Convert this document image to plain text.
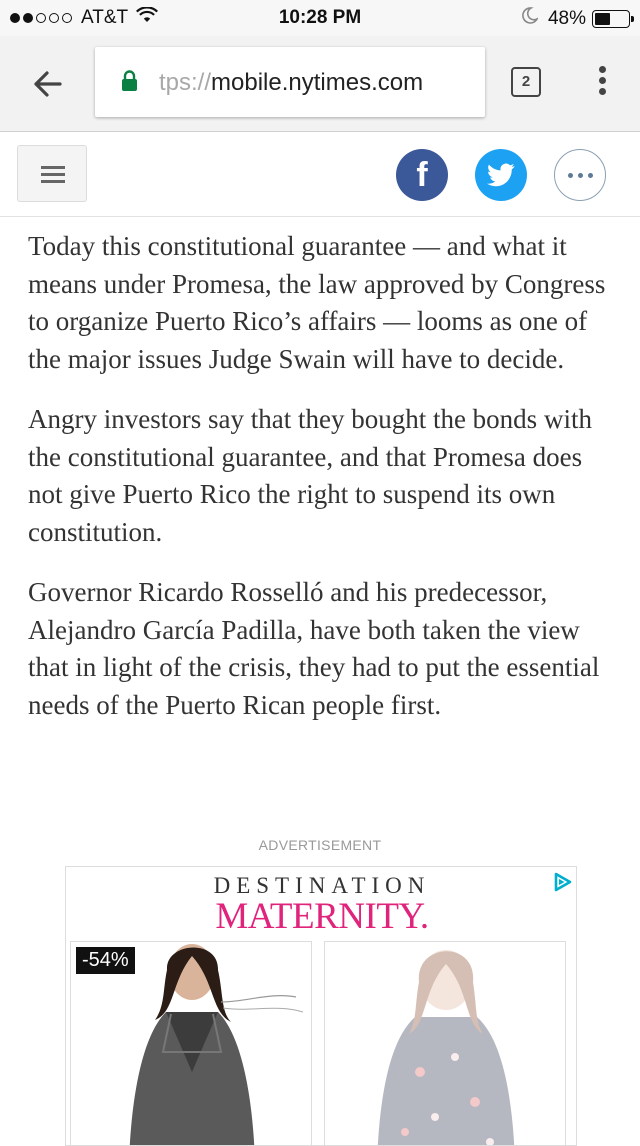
AT&T	10:28 PM	48%
tps://mobile.nytimes.com	2
f

Today this constitutional guarantee — and what it means under Promesa, the law approved by Congress to organize Puerto Rico’s affairs — looms as one of the major issues Judge Swain will have to decide.

Angry investors say that they bought the bonds with the constitutional guarantee, and that Promesa does not give Puerto Rico the right to suspend its own constitution.

Governor Ricardo Rosselló and his predecessor, Alejandro García Padilla, have both taken the view that in light of the crisis, they had to put the essential needs of the Puerto Rican people first.

ADVERTISEMENT
DESTINATION
MATERNITY.
-54%
